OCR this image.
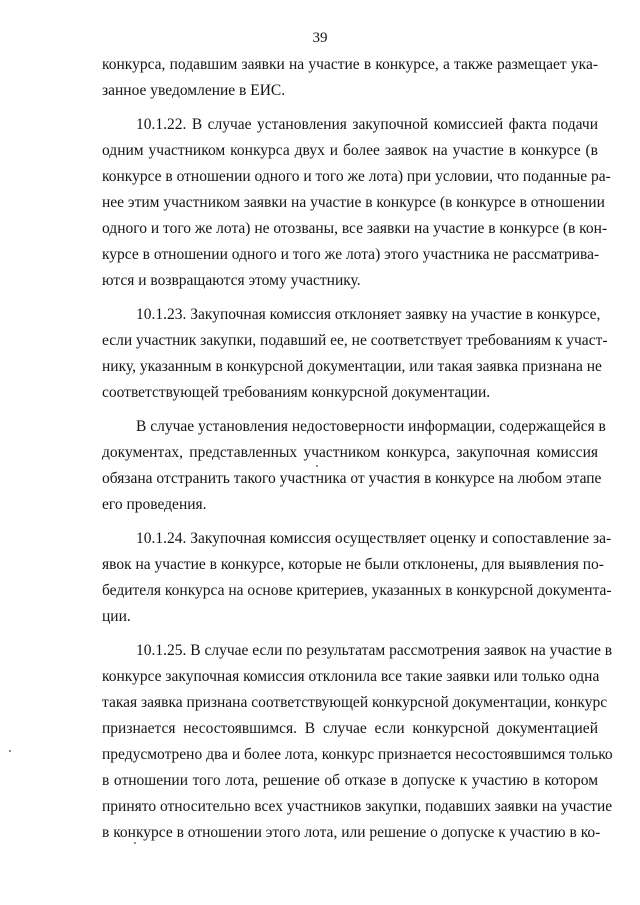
39
конкурса, подавшим заявки на участие в конкурсе, а также размещает ука-
занное уведомление в ЕИС.
10.1.22. В случае установления закупочной комиссией факта подачи
одним участником конкурса двух и более заявок на участие в конкурсе (в
конкурсе в отношении одного и того же лота) при условии, что поданные ра-
нее этим участником заявки на участие в конкурсе (в конкурсе в отношении
одного и того же лота) не отозваны, все заявки на участие в конкурсе (в кон-
курсе в отношении одного и того же лота) этого участника не рассматрива-
ются и возвращаются этому участнику.
10.1.23. Закупочная комиссия отклоняет заявку на участие в конкурсе,
если участник закупки, подавший ее, не соответствует требованиям к участ-
нику, указанным в конкурсной документации, или такая заявка признана не
соответствующей требованиям конкурсной документации.
В случае установления недостоверности информации, содержащейся в
документах, представленных участником конкурса, закупочная комиссия
обязана отстранить такого участника от участия в конкурсе на любом этапе
его проведения.
10.1.24. Закупочная комиссия осуществляет оценку и сопоставление за-
явок на участие в конкурсе, которые не были отклонены, для выявления по-
бедителя конкурса на основе критериев, указанных в конкурсной документа-
ции.
10.1.25. В случае если по результатам рассмотрения заявок на участие в
конкурсе закупочная комиссия отклонила все такие заявки или только одна
такая заявка признана соответствующей конкурсной документации, конкурс
признается несостоявшимся. В случае если конкурсной документацией
предусмотрено два и более лота, конкурс признается несостоявшимся только
в отношении того лота, решение об отказе в допуске к участию в котором
принято относительно всех участников закупки, подавших заявки на участие
в конкурсе в отношении этого лота, или решение о допуске к участию в ко-
